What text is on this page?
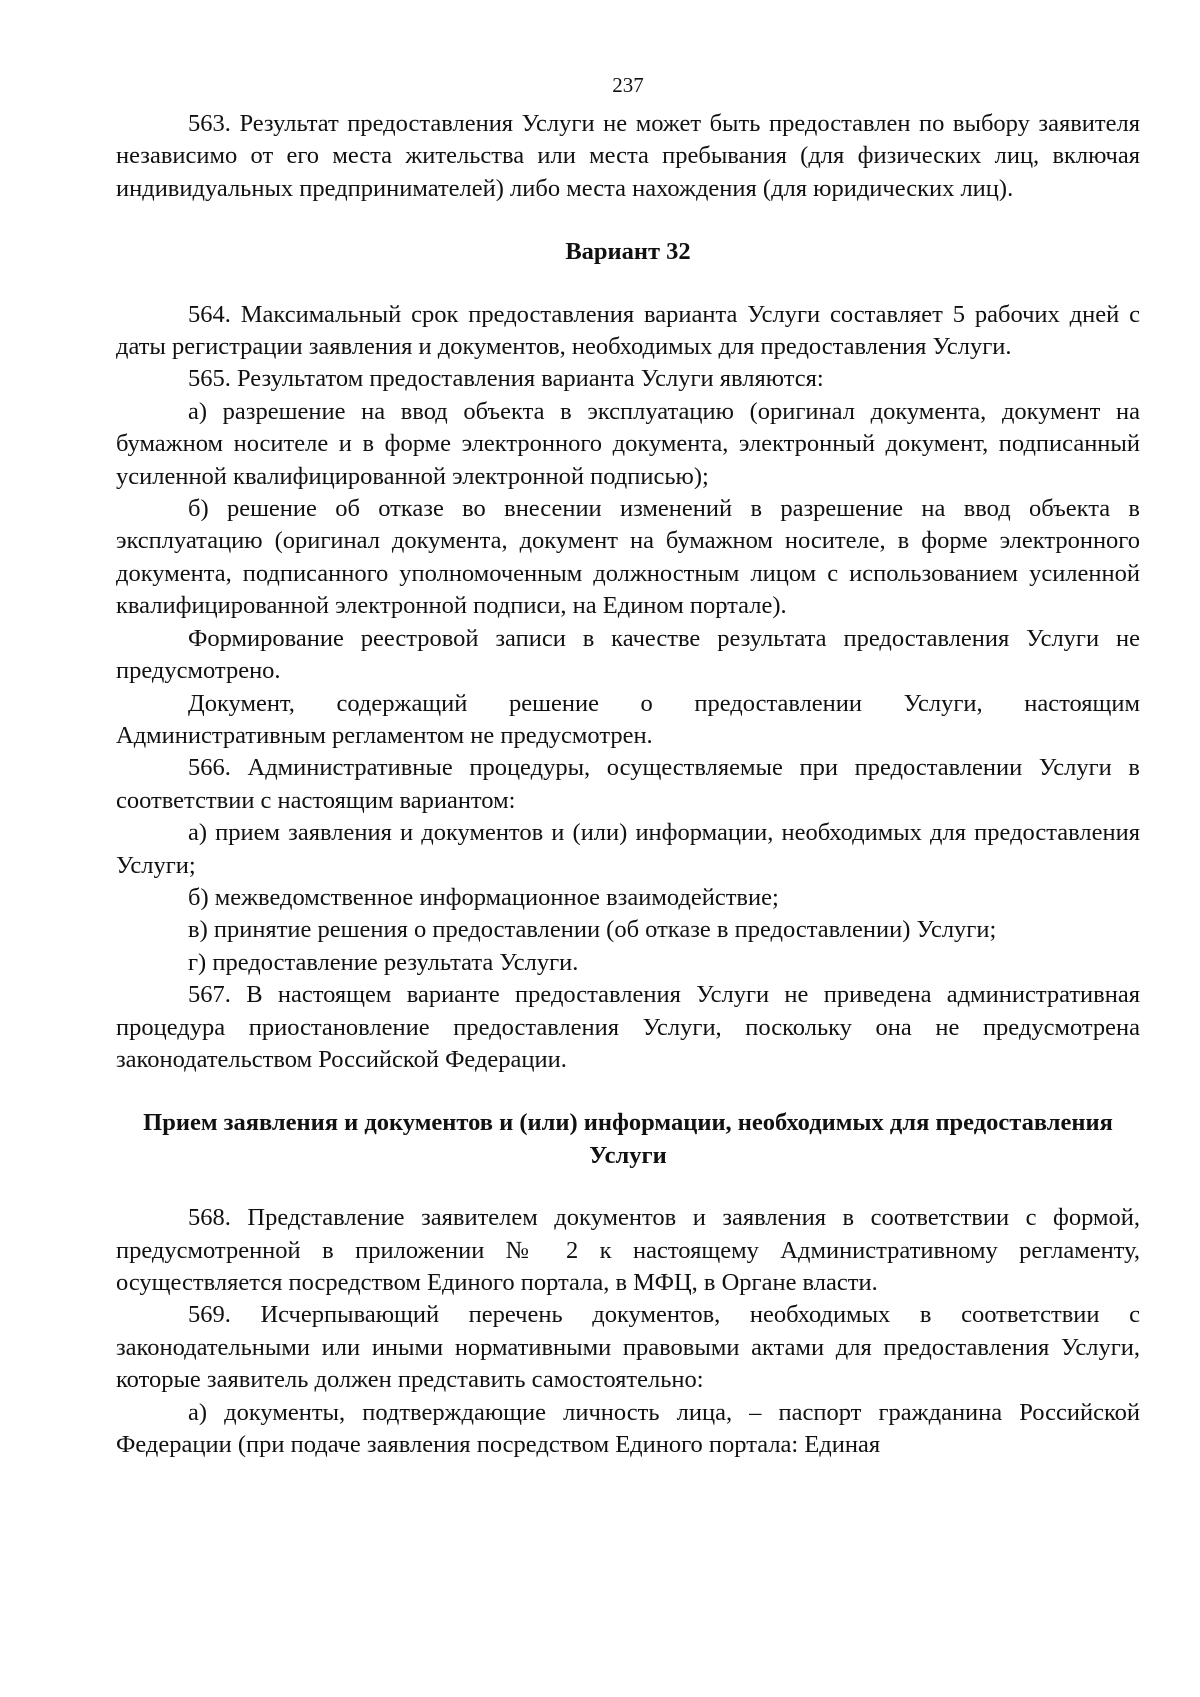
237

563. Результат предоставления Услуги не может быть предоставлен по выбору заявителя независимо от его места жительства или места пребывания (для физических лиц, включая индивидуальных предпринимателей) либо места нахождения (для юридических лиц).

Вариант 32

564. Максимальный срок предоставления варианта Услуги составляет 5 рабочих дней с даты регистрации заявления и документов, необходимых для предоставления Услуги.

565. Результатом предоставления варианта Услуги являются:

а) разрешение на ввод объекта в эксплуатацию (оригинал документа, документ на бумажном носителе и в форме электронного документа, электронный документ, подписанный усиленной квалифицированной электронной подписью);

б) решение об отказе во внесении изменений в разрешение на ввод объекта в эксплуатацию (оригинал документа, документ на бумажном носителе, в форме электронного документа, подписанного уполномоченным должностным лицом с использованием усиленной квалифицированной электронной подписи, на Едином портале).

Формирование реестровой записи в качестве результата предоставления Услуги не предусмотрено.

Документ, содержащий решение о предоставлении Услуги, настоящим Административным регламентом не предусмотрен.

566. Административные процедуры, осуществляемые при предоставлении Услуги в соответствии с настоящим вариантом:

а) прием заявления и документов и (или) информации, необходимых для предоставления Услуги;

б) межведомственное информационное взаимодействие;

в) принятие решения о предоставлении (об отказе в предоставлении) Услуги;

г) предоставление результата Услуги.

567. В настоящем варианте предоставления Услуги не приведена административная процедура приостановление предоставления Услуги, поскольку она не предусмотрена законодательством Российской Федерации.

Прием заявления и документов и (или) информации, необходимых для предоставления Услуги

568. Представление заявителем документов и заявления в соответствии с формой, предусмотренной в приложении № 2 к настоящему Административному регламенту, осуществляется посредством Единого портала, в МФЦ, в Органе власти.

569. Исчерпывающий перечень документов, необходимых в соответствии с законодательными или иными нормативными правовыми актами для предоставления Услуги, которые заявитель должен представить самостоятельно:

а) документы, подтверждающие личность лица, – паспорт гражданина Российской Федерации (при подаче заявления посредством Единого портала: Единая
